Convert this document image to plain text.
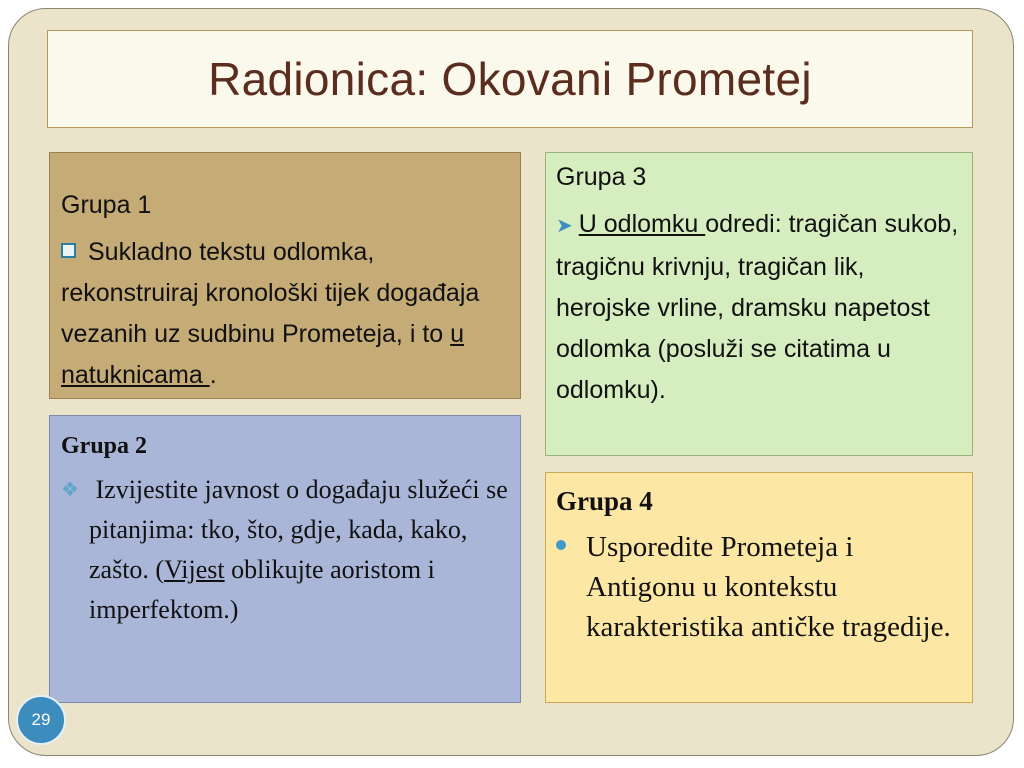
Radionica: Okovani Prometej
Grupa 1
Sukladno tekstu odlomka, rekonstruiraj kronološki tijek događaja vezanih uz sudbinu Prometeja, i to u natuknicama .
Grupa 3
➤ U odlomku odredi: tragičan sukob, tragičnu krivnju, tragičan lik, herojske vrline, dramsku napetost odlomka (posluži se citatima u odlomku).
Grupa 2
❖ Izvijestite javnost o događaju služeći se pitanjima: tko, što, gdje, kada, kako, zašto. (Vijest oblikujte aoristom i imperfektom.)
Grupa 4
Usporedite Prometeja i Antigonu u kontekstu karakteristika antičke tragedije.
29
